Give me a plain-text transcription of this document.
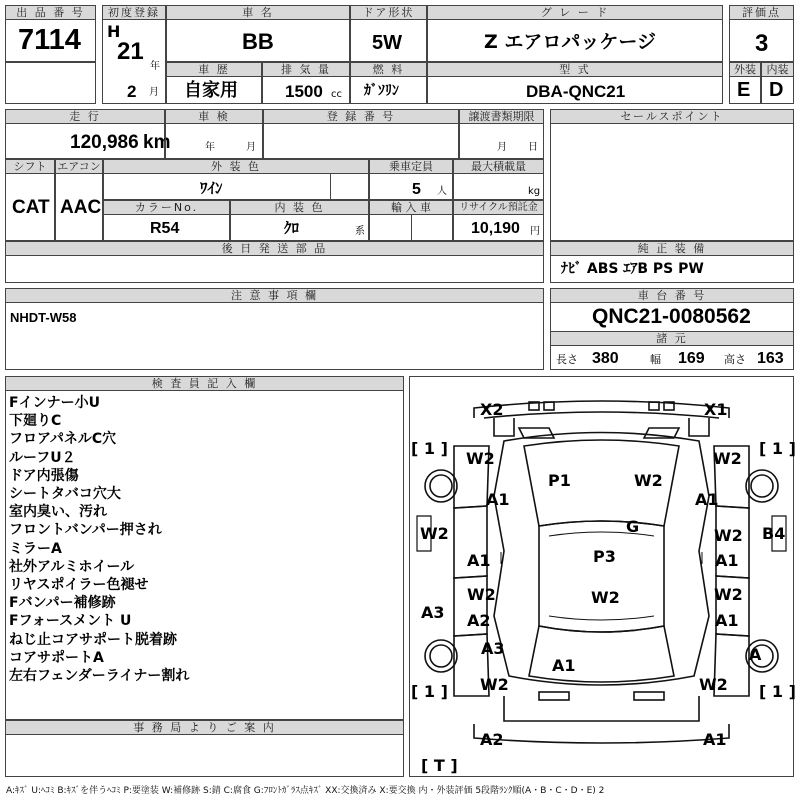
出 品 番 号
7114
初度登録
H
21
年
2 月
車 名
BB
ドア形状
5W
グ レ ー ド
Z エアロパッケージ
評価点
3
車 歴
自家用
排 気 量
1500 cc
燃 料
ｶﾞｿﾘﾝ
型 式
DBA-QNC21
外装
E
内装
D
走 行
120,986 km
車 検
年	月
登 録 番 号	譲渡書類期限
月 日
シフト
CAT
エアコン
AAC
外 装 色
ﾜｲﾝ
乗車定員
5 人
最大積載量
kg
カラーNo.
R54
内 装 色
ｸﾛ	系
輸 入 車	リサイクル預託金
10,190 円
後 日 発 送 部 品
セールスポイント
純 正 装 備
ﾅﾋﾞ ABS ｴｱB PS PW
注 意 事 項 欄
NHDT-W58
車 台 番 号
QNC21-0080562
諸 元
長さ 380	幅 169 高さ 163
検 査 員 記 入 欄
Fインナー小U
下廻りC
フロアパネルC穴
ルーフU２
ドア内張傷
シートタバコ穴大
室内臭い、汚れ
フロントバンパー押され
ミラーA
社外アルミホイール
リヤスポイラー色褪せ
Fバンパー補修跡
Fフォースメント U
ねじ止コアサポート脱着跡
コアサポートA
左右フェンダーライナー割れ
事 務 局 よ り ご 案 内
X2	X1
[ 1 ]	[ 1 ]
W2	W2
P1	W2
A1	A1
G
W2	W2 B4
P3
A1	A1
W2	W2	W2
A3 A2	A1
A3	A
A1
[ 1 ]	[ 1 ]
W2	W2
A2	A1
[ T ]
A:ｷｽﾞ U:ﾍｺﾐ B:ｷｽﾞを伴うﾍｺﾐ P:要塗装 W:補修跡 S:錆 C:腐食 G:ﾌﾛﾝﾄｶﾞﾗｽ点ｷｽﾞ XX:交換済み X:要交換 内・外装評価 5段階ﾗﾝｸ順(A・B・C・D・E) 2
